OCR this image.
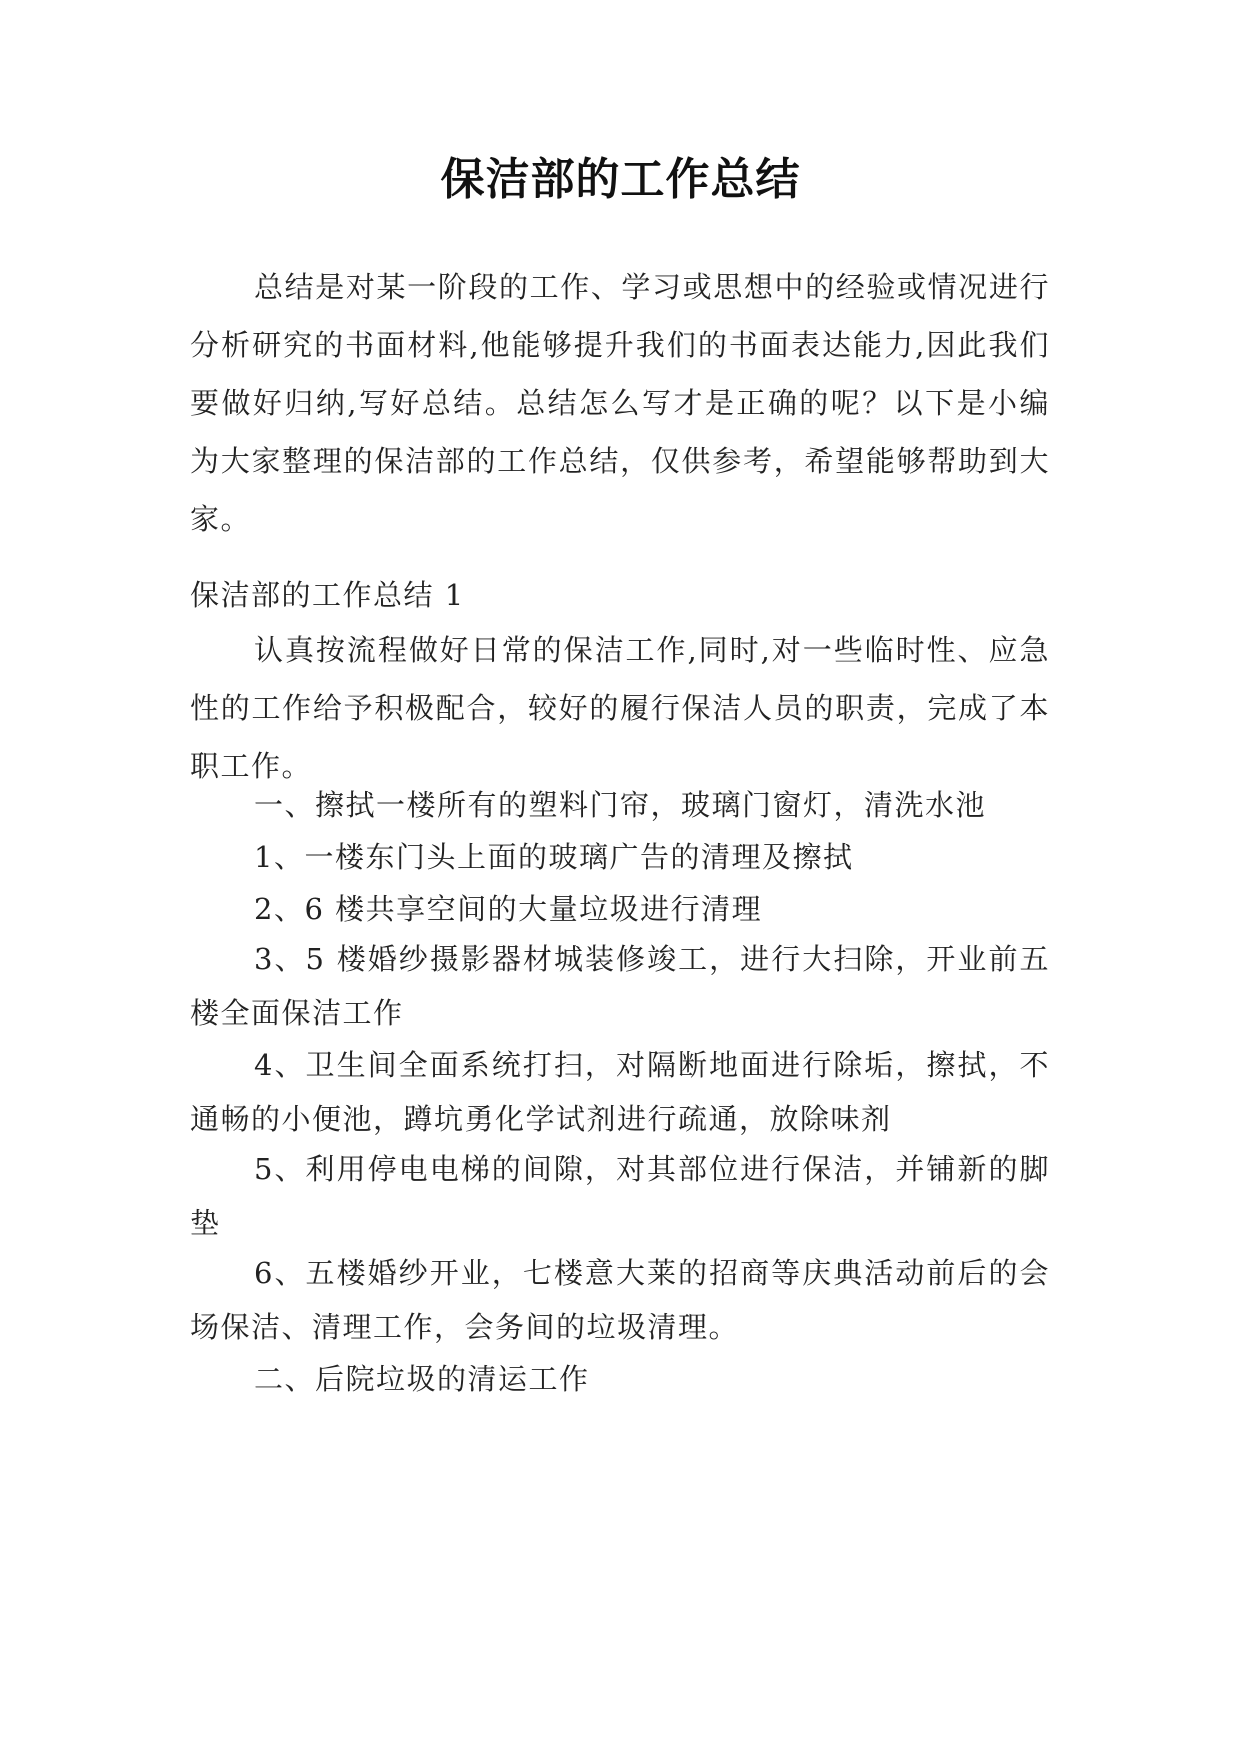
保洁部的工作总结

总结是对某一阶段的工作、学习或思想中的经验或情况进行分析研究的书面材料,他能够提升我们的书面表达能力,因此我们要做好归纳,写好总结。总结怎么写才是正确的呢？以下是小编为大家整理的保洁部的工作总结，仅供参考，希望能够帮助到大家。

保洁部的工作总结 1

认真按流程做好日常的保洁工作,同时,对一些临时性、应急性的工作给予积极配合，较好的履行保洁人员的职责，完成了本职工作。

一、擦拭一楼所有的塑料门帘，玻璃门窗灯，清洗水池
1、一楼东门头上面的玻璃广告的清理及擦拭
2、6 楼共享空间的大量垃圾进行清理

3、5 楼婚纱摄影器材城装修竣工，进行大扫除，开业前五楼全面保洁工作

4、卫生间全面系统打扫，对隔断地面进行除垢，擦拭，不通畅的小便池，蹲坑勇化学试剂进行疏通，放除味剂

5、利用停电电梯的间隙，对其部位进行保洁，并铺新的脚垫

6、五楼婚纱开业，七楼意大莱的招商等庆典活动前后的会场保洁、清理工作，会务间的垃圾清理。

二、后院垃圾的清运工作
